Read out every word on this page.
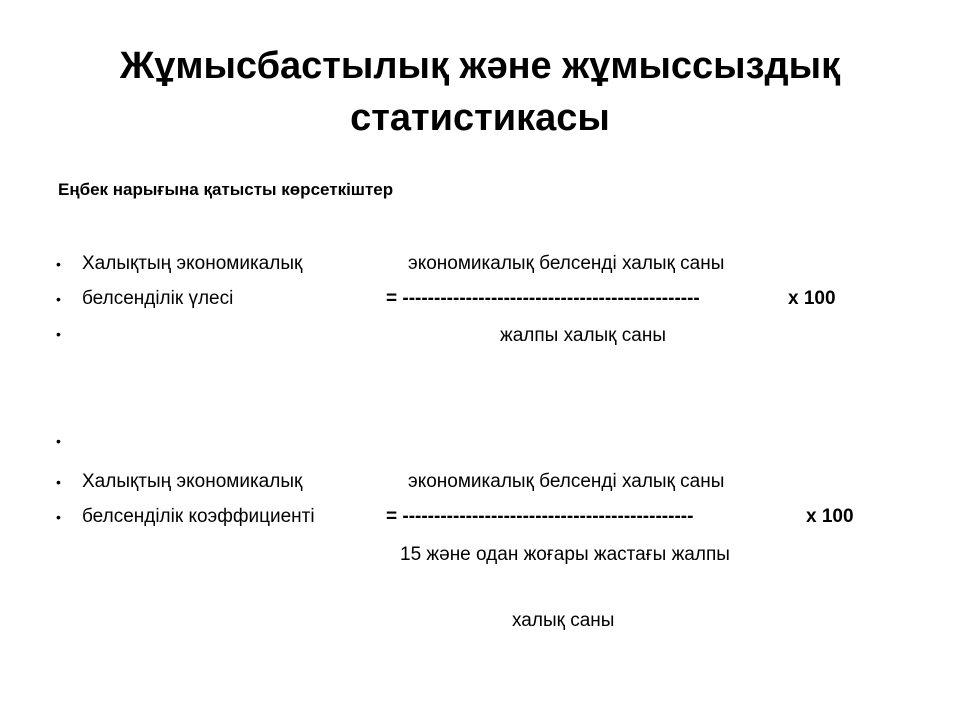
Жұмысбастылық және жұмыссыздық
статистикасы
Еңбек нарығына қатысты көрсеткіштер
•
•
•
Халықтың экономикалық
белсенділік үлесі
экономикалық белсенді халық саны
= -----------------------------------------------	х 100
жалпы халық саны
•
•
•
Халықтың экономикалық
белсенділік коэффициенті
экономикалық белсенді халық саны
= ----------------------------------------------	х 100
15 және одан жоғары жастағы жалпы
халық саны
